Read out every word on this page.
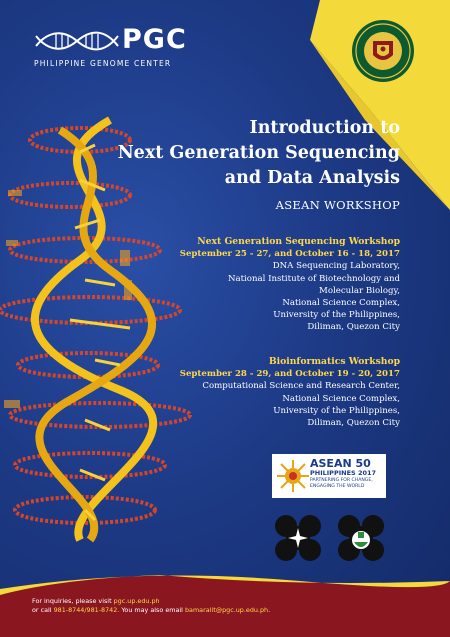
PGC
PHILIPPINE GENOME CENTER
Introduction to
Next Generation Sequencing
and Data Analysis
ASEAN WORKSHOP
Next Generation Sequencing Workshop
September 25 - 27, and October 16 - 18, 2017
DNA Sequencing Laboratory,
National Institute of Biotechnology and
Molecular Biology,
National Science Complex,
University of the Philippines,
Diliman, Quezon City
Bioinformatics Workshop
September 28 - 29, and October 19 - 20, 2017
Computational Science and Research Center,
National Science Complex,
University of the Philippines,
Diliman, Quezon City
ASEAN 50
PHILIPPINES 2017
PARTNERING FOR CHANGE,
ENGAGING THE WORLD
For inquiries, please visit pgc.up.edu.ph
or call 981-8744/981-8742. You may also email bamaralit@pgc.up.edu.ph.
